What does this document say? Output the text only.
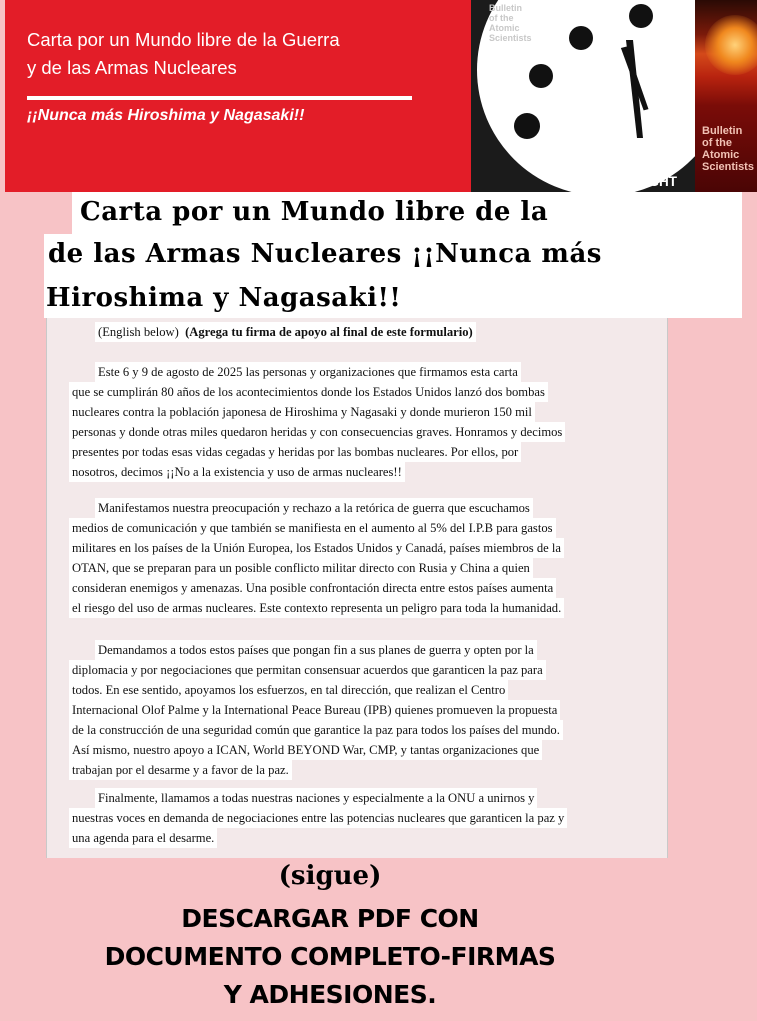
Carta por un Mundo libre de la Guerra
y de las Armas Nucleares
¡¡Nunca más Hiroshima y Nagasaki!!
Bulletin
of the
Atomic
Scientists
IT IS 90 SECONDS
TO MIDNIGHT
Bulletin
of the
Atomic
Scientists
Carta por un Mundo libre de la
de las Armas Nucleares ¡¡Nunca más
Hiroshima y Nagasaki!!
(English below) (Agrega tu firma de apoyo al final de este formulario)
Este 6 y 9 de agosto de 2025 las personas y organizaciones que firmamos esta carta
que se cumplirán 80 años de los acontecimientos donde los Estados Unidos lanzó dos bombas
nucleares contra la población japonesa de Hiroshima y Nagasaki y donde murieron 150 mil
personas y donde otras miles quedaron heridas y con consecuencias graves. Honramos y decimos
presentes por todas esas vidas cegadas y heridas por las bombas nucleares. Por ellos, por
nosotros, decimos ¡¡No a la existencia y uso de armas nucleares!!
Manifestamos nuestra preocupación y rechazo a la retórica de guerra que escuchamos
medios de comunicación y que también se manifiesta en el aumento al 5% del I.P.B para gastos
militares en los países de la Unión Europea, los Estados Unidos y Canadá, países miembros de la
OTAN, que se preparan para un posible conflicto militar directo con Rusia y China a quien
consideran enemigos y amenazas. Una posible confrontación directa entre estos países aumenta
el riesgo del uso de armas nucleares. Este contexto representa un peligro para toda la humanidad.
Demandamos a todos estos países que pongan fin a sus planes de guerra y opten por la
diplomacia y por negociaciones que permitan consensuar acuerdos que garanticen la paz para
todos. En ese sentido, apoyamos los esfuerzos, en tal dirección, que realizan el Centro
Internacional Olof Palme y la International Peace Bureau (IPB) quienes promueven la propuesta
de la construcción de una seguridad común que garantice la paz para todos los países del mundo.
Así mismo, nuestro apoyo a ICAN, World BEYOND War, CMP, y tantas organizaciones que
trabajan por el desarme y a favor de la paz.
Finalmente, llamamos a todas nuestras naciones y especialmente a la ONU a unirnos y
nuestras voces en demanda de negociaciones entre las potencias nucleares que garanticen la paz y
una agenda para el desarme.
(sigue)
DESCARGAR PDF CON
DOCUMENTO COMPLETO-FIRMAS
Y ADHESIONES.
